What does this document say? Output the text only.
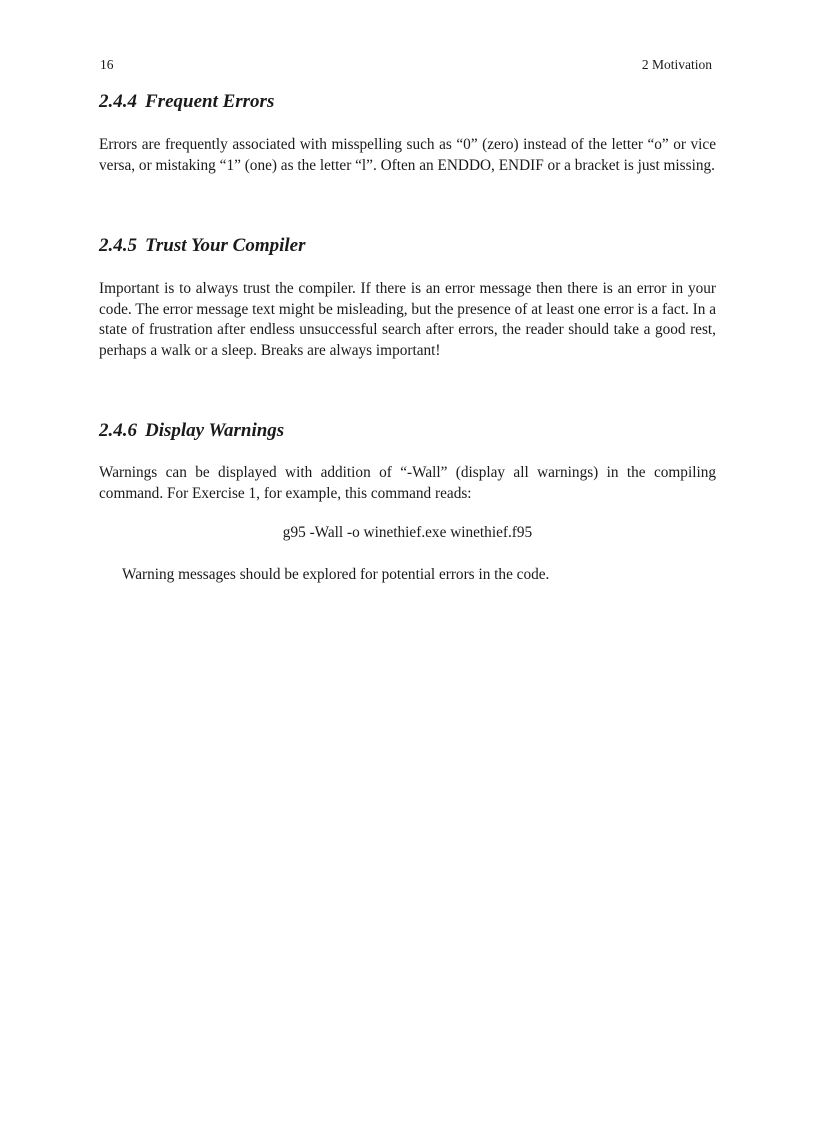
16	2 Motivation
2.4.4 Frequent Errors

Errors are frequently associated with misspelling such as “0” (zero) instead of the letter “o” or vice versa, or mistaking “1” (one) as the letter “l”. Often an ENDDO, ENDIF or a bracket is just missing.

2.4.5 Trust Your Compiler

Important is to always trust the compiler. If there is an error message then there is an error in your code. The error message text might be misleading, but the presence of at least one error is a fact. In a state of frustration after endless unsuccessful search after errors, the reader should take a good rest, perhaps a walk or a sleep. Breaks are always important!

2.4.6 Display Warnings

Warnings can be displayed with addition of “-Wall” (display all warnings) in the compiling command. For Exercise 1, for example, this command reads:

g95 -Wall -o winethief.exe winethief.f95

Warning messages should be explored for potential errors in the code.
